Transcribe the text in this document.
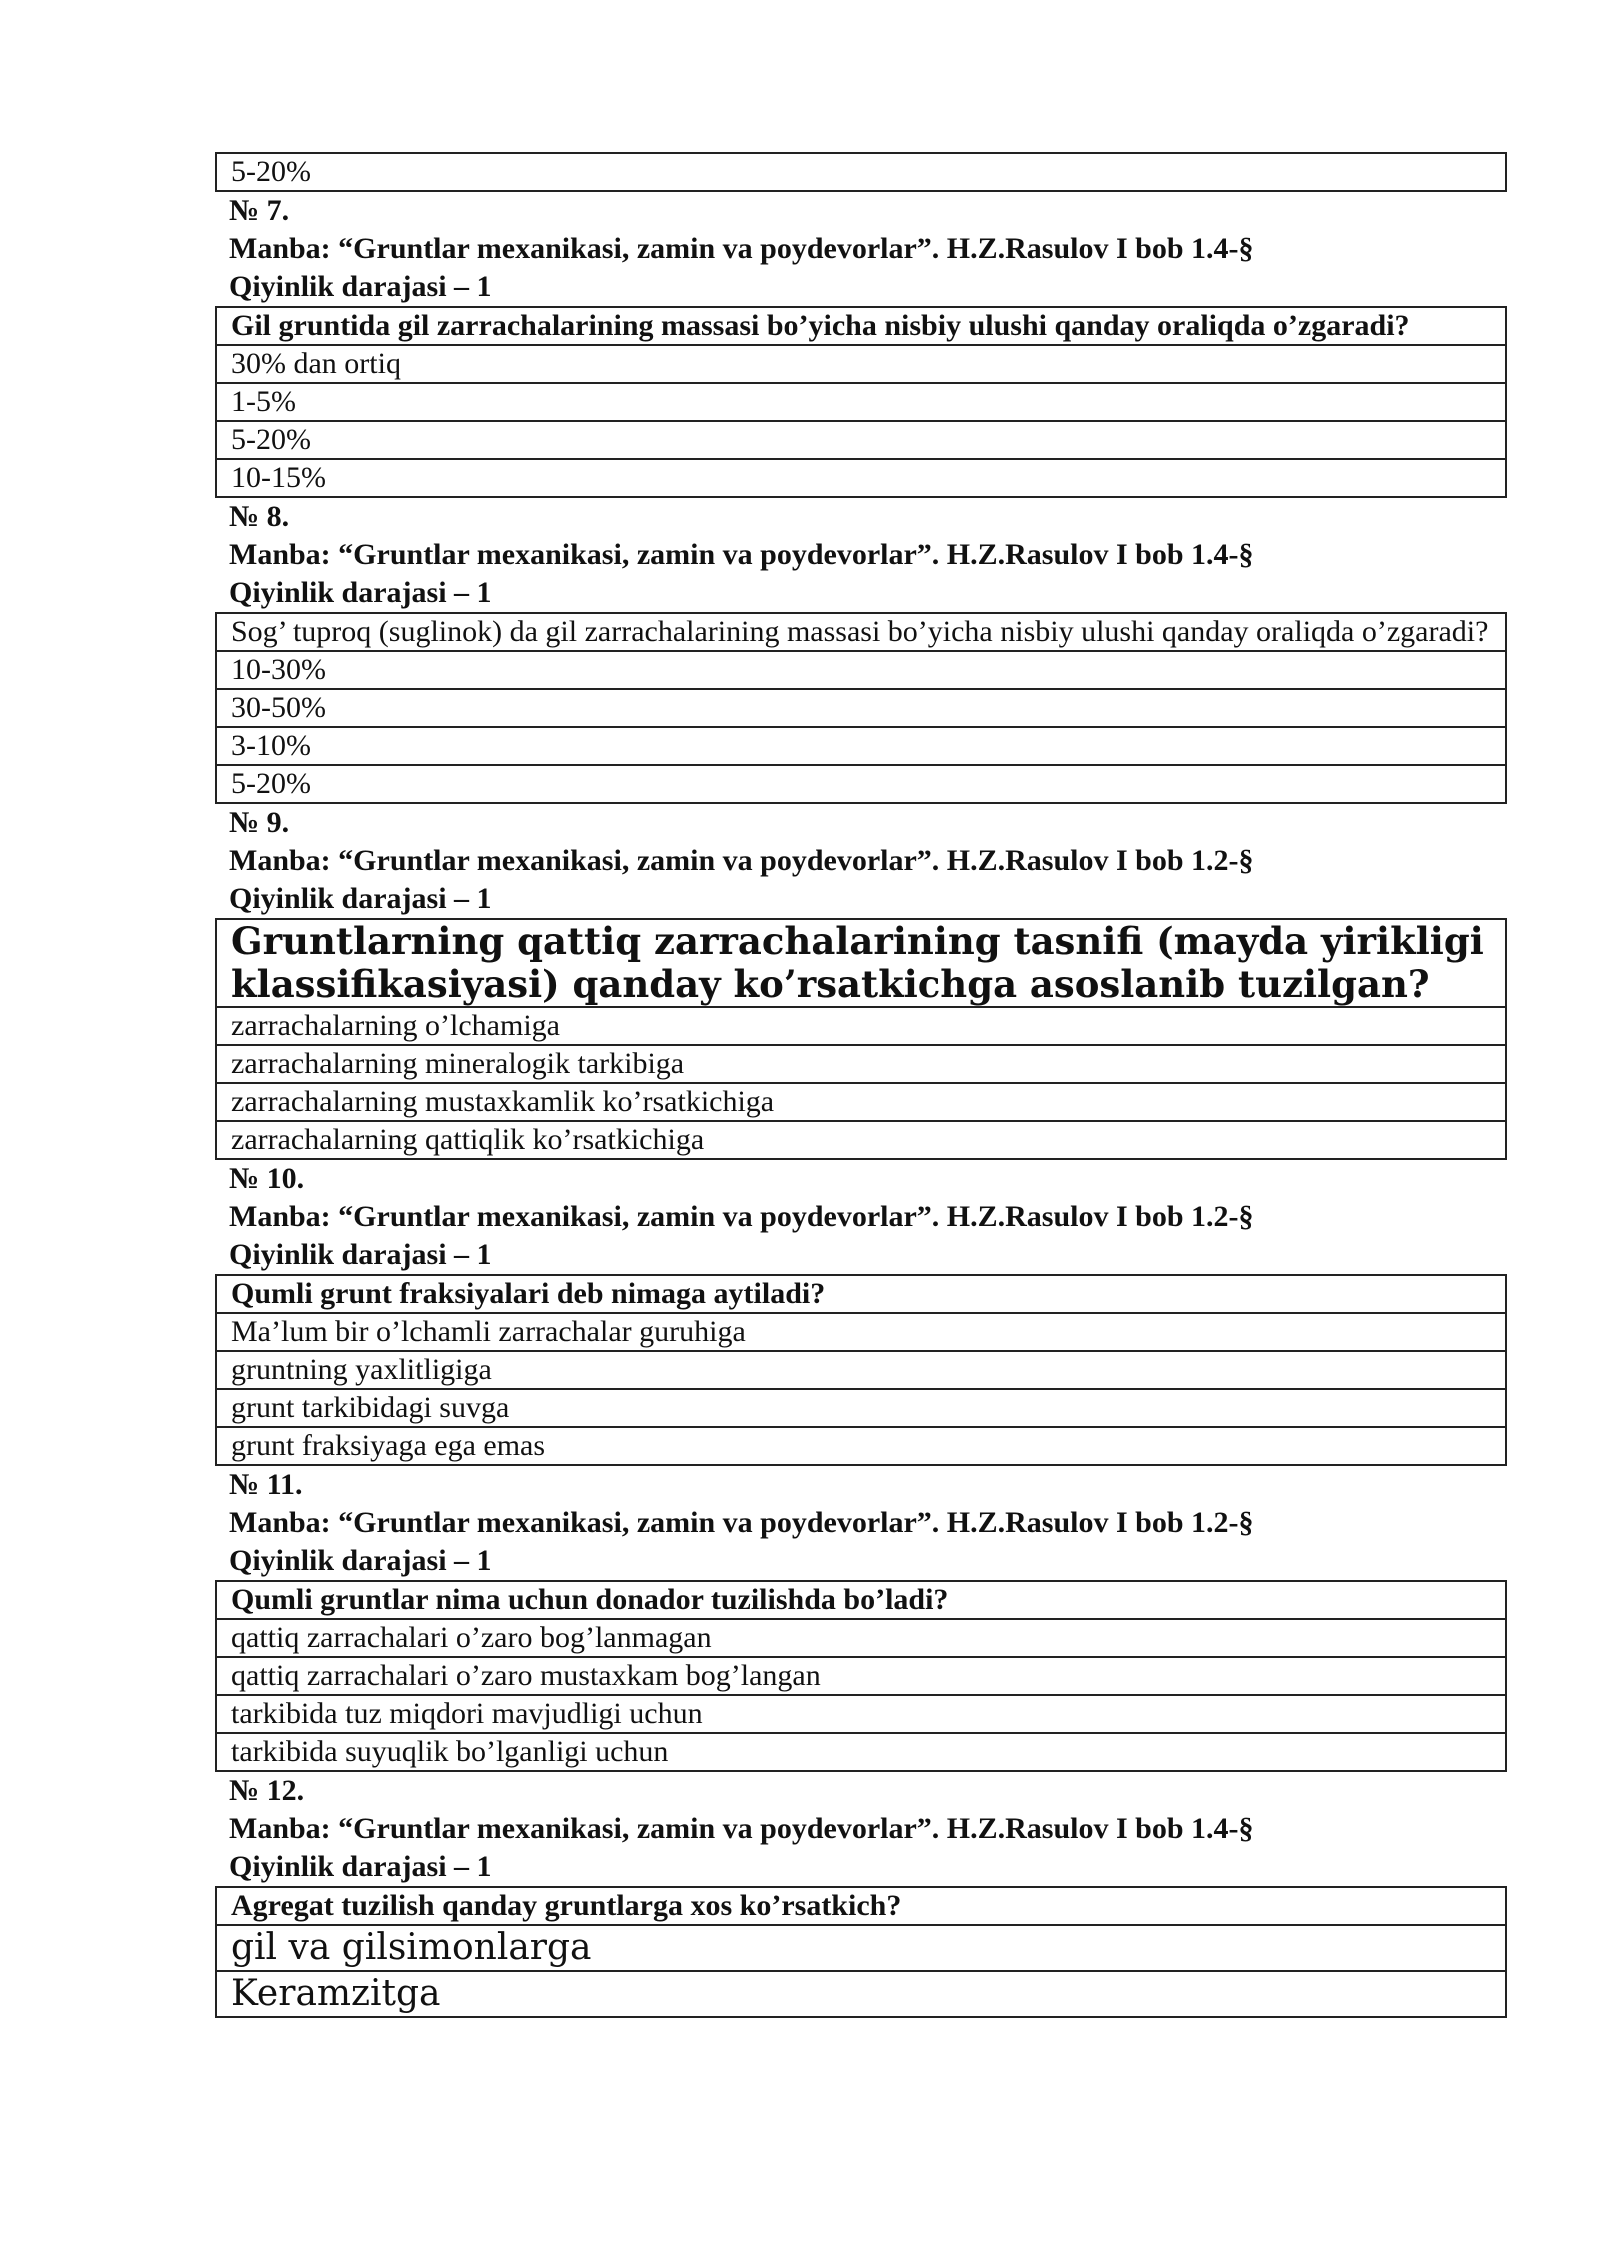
5-20%
№ 7.
Manba: “Gruntlar mexanikasi, zamin va poydevorlar”. H.Z.Rasulov I bob 1.4-§
Qiyinlik darajasi – 1
Gil gruntida gil zarrachalarining massasi bo’yicha nisbiy ulushi qanday oraliqda o’zgaradi?
30% dan ortiq
1-5%
5-20%
10-15%
№ 8.
Manba: “Gruntlar mexanikasi, zamin va poydevorlar”. H.Z.Rasulov I bob 1.4-§
Qiyinlik darajasi – 1
Sog’ tuproq (suglinok) da gil zarrachalarining massasi bo’yicha nisbiy ulushi qanday oraliqda o’zgaradi?
10-30%
30-50%
3-10%
5-20%
№ 9.
Manba: “Gruntlar mexanikasi, zamin va poydevorlar”. H.Z.Rasulov I bob 1.2-§
Qiyinlik darajasi – 1
Gruntlarning qattiq zarrachalarining tasnifi (mayda yirikligi klassifikasiyasi) qanday ko’rsatkichga asoslanib tuzilgan?
zarrachalarning o’lchamiga
zarrachalarning mineralogik tarkibiga
zarrachalarning mustaxkamlik ko’rsatkichiga
zarrachalarning qattiqlik ko’rsatkichiga
№ 10.
Manba: “Gruntlar mexanikasi, zamin va poydevorlar”. H.Z.Rasulov I bob 1.2-§
Qiyinlik darajasi – 1
Qumli grunt fraksiyalari deb nimaga aytiladi?
Ma’lum bir o’lchamli zarrachalar guruhiga
gruntning yaxlitligiga
grunt tarkibidagi suvga
grunt fraksiyaga ega emas
№ 11.
Manba: “Gruntlar mexanikasi, zamin va poydevorlar”. H.Z.Rasulov I bob 1.2-§
Qiyinlik darajasi – 1
Qumli gruntlar nima uchun donador tuzilishda bo’ladi?
qattiq zarrachalari o’zaro bog’lanmagan
qattiq zarrachalari o’zaro mustaxkam bog’langan
tarkibida tuz miqdori mavjudligi uchun
tarkibida suyuqlik bo’lganligi uchun
№ 12.
Manba: “Gruntlar mexanikasi, zamin va poydevorlar”. H.Z.Rasulov I bob 1.4-§
Qiyinlik darajasi – 1
Agregat tuzilish qanday gruntlarga xos ko’rsatkich?
gil va gilsimonlarga
Keramzitga
